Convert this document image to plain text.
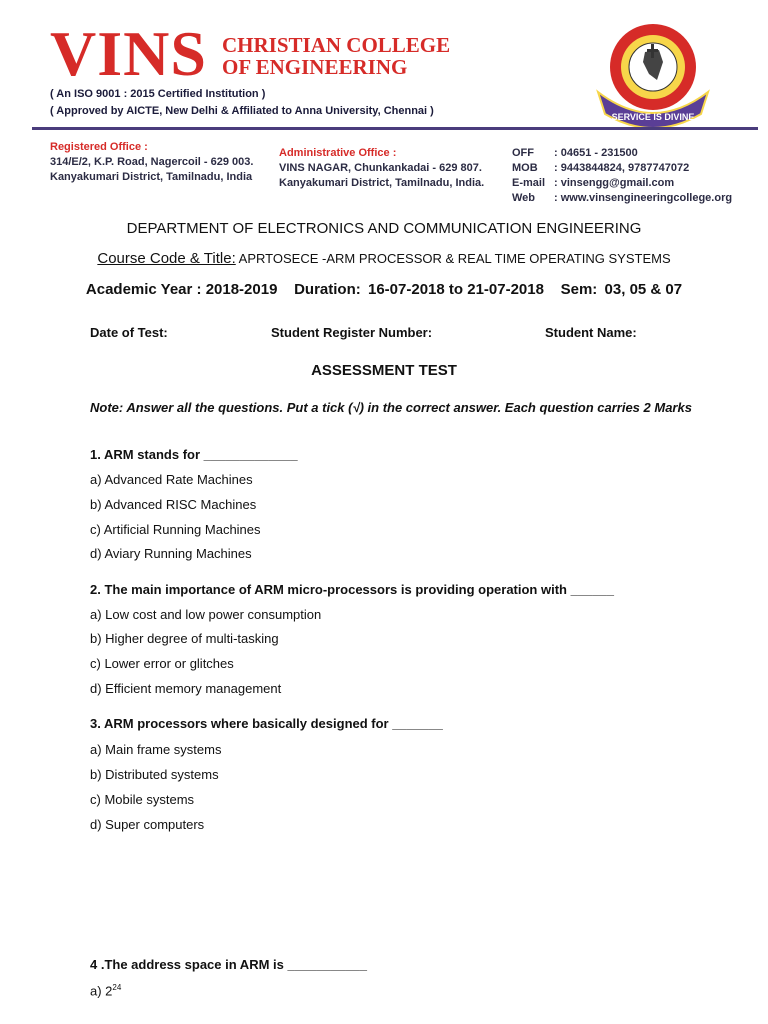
VINS CHRISTIAN COLLEGE
OF ENGINEERING
( An ISO 9001 : 2015 Certified Institution )
( Approved by AICTE, New Delhi & Affiliated to Anna University, Chennai )	SERVICE IS DIVINE
Registered Office :
314/E/2, K.P. Road, Nagercoil - 629 003.
Kanyakumari District, Tamilnadu, India
Administrative Office :
VINS NAGAR, Chunkankadai - 629 807.
Kanyakumari District, Tamilnadu, India.
OFF : 04651 - 231500
MOB : 9443844824, 9787747072
E-mail : vinsengg@gmail.com
Web : www.vinsengineeringcollege.org
DEPARTMENT OF ELECTRONICS AND COMMUNICATION ENGINEERING
Course Code & Title: APRTOSECE -ARM PROCESSOR & REAL TIME OPERATING SYSTEMS
Academic Year : 2018-2019 Duration: 16-07-2018 to 21-07-2018 Sem: 03, 05 & 07
Date of Test:	Student Register Number:	Student Name:
ASSESSMENT TEST
Note: Answer all the questions. Put a tick (√) in the correct answer. Each question carries 2 Marks
1. ARM stands for _____________
a) Advanced Rate Machines
b) Advanced RISC Machines
c) Artificial Running Machines
d) Aviary Running Machines
2. The main importance of ARM micro-processors is providing operation with ______
a) Low cost and low power consumption
b) Higher degree of multi-tasking
c) Lower error or glitches
d) Efficient memory management
3. ARM processors where basically designed for _______
a) Main frame systems
b) Distributed systems
c) Mobile systems
d) Super computers
4 .The address space in ARM is ___________
a) $2^{24}$
